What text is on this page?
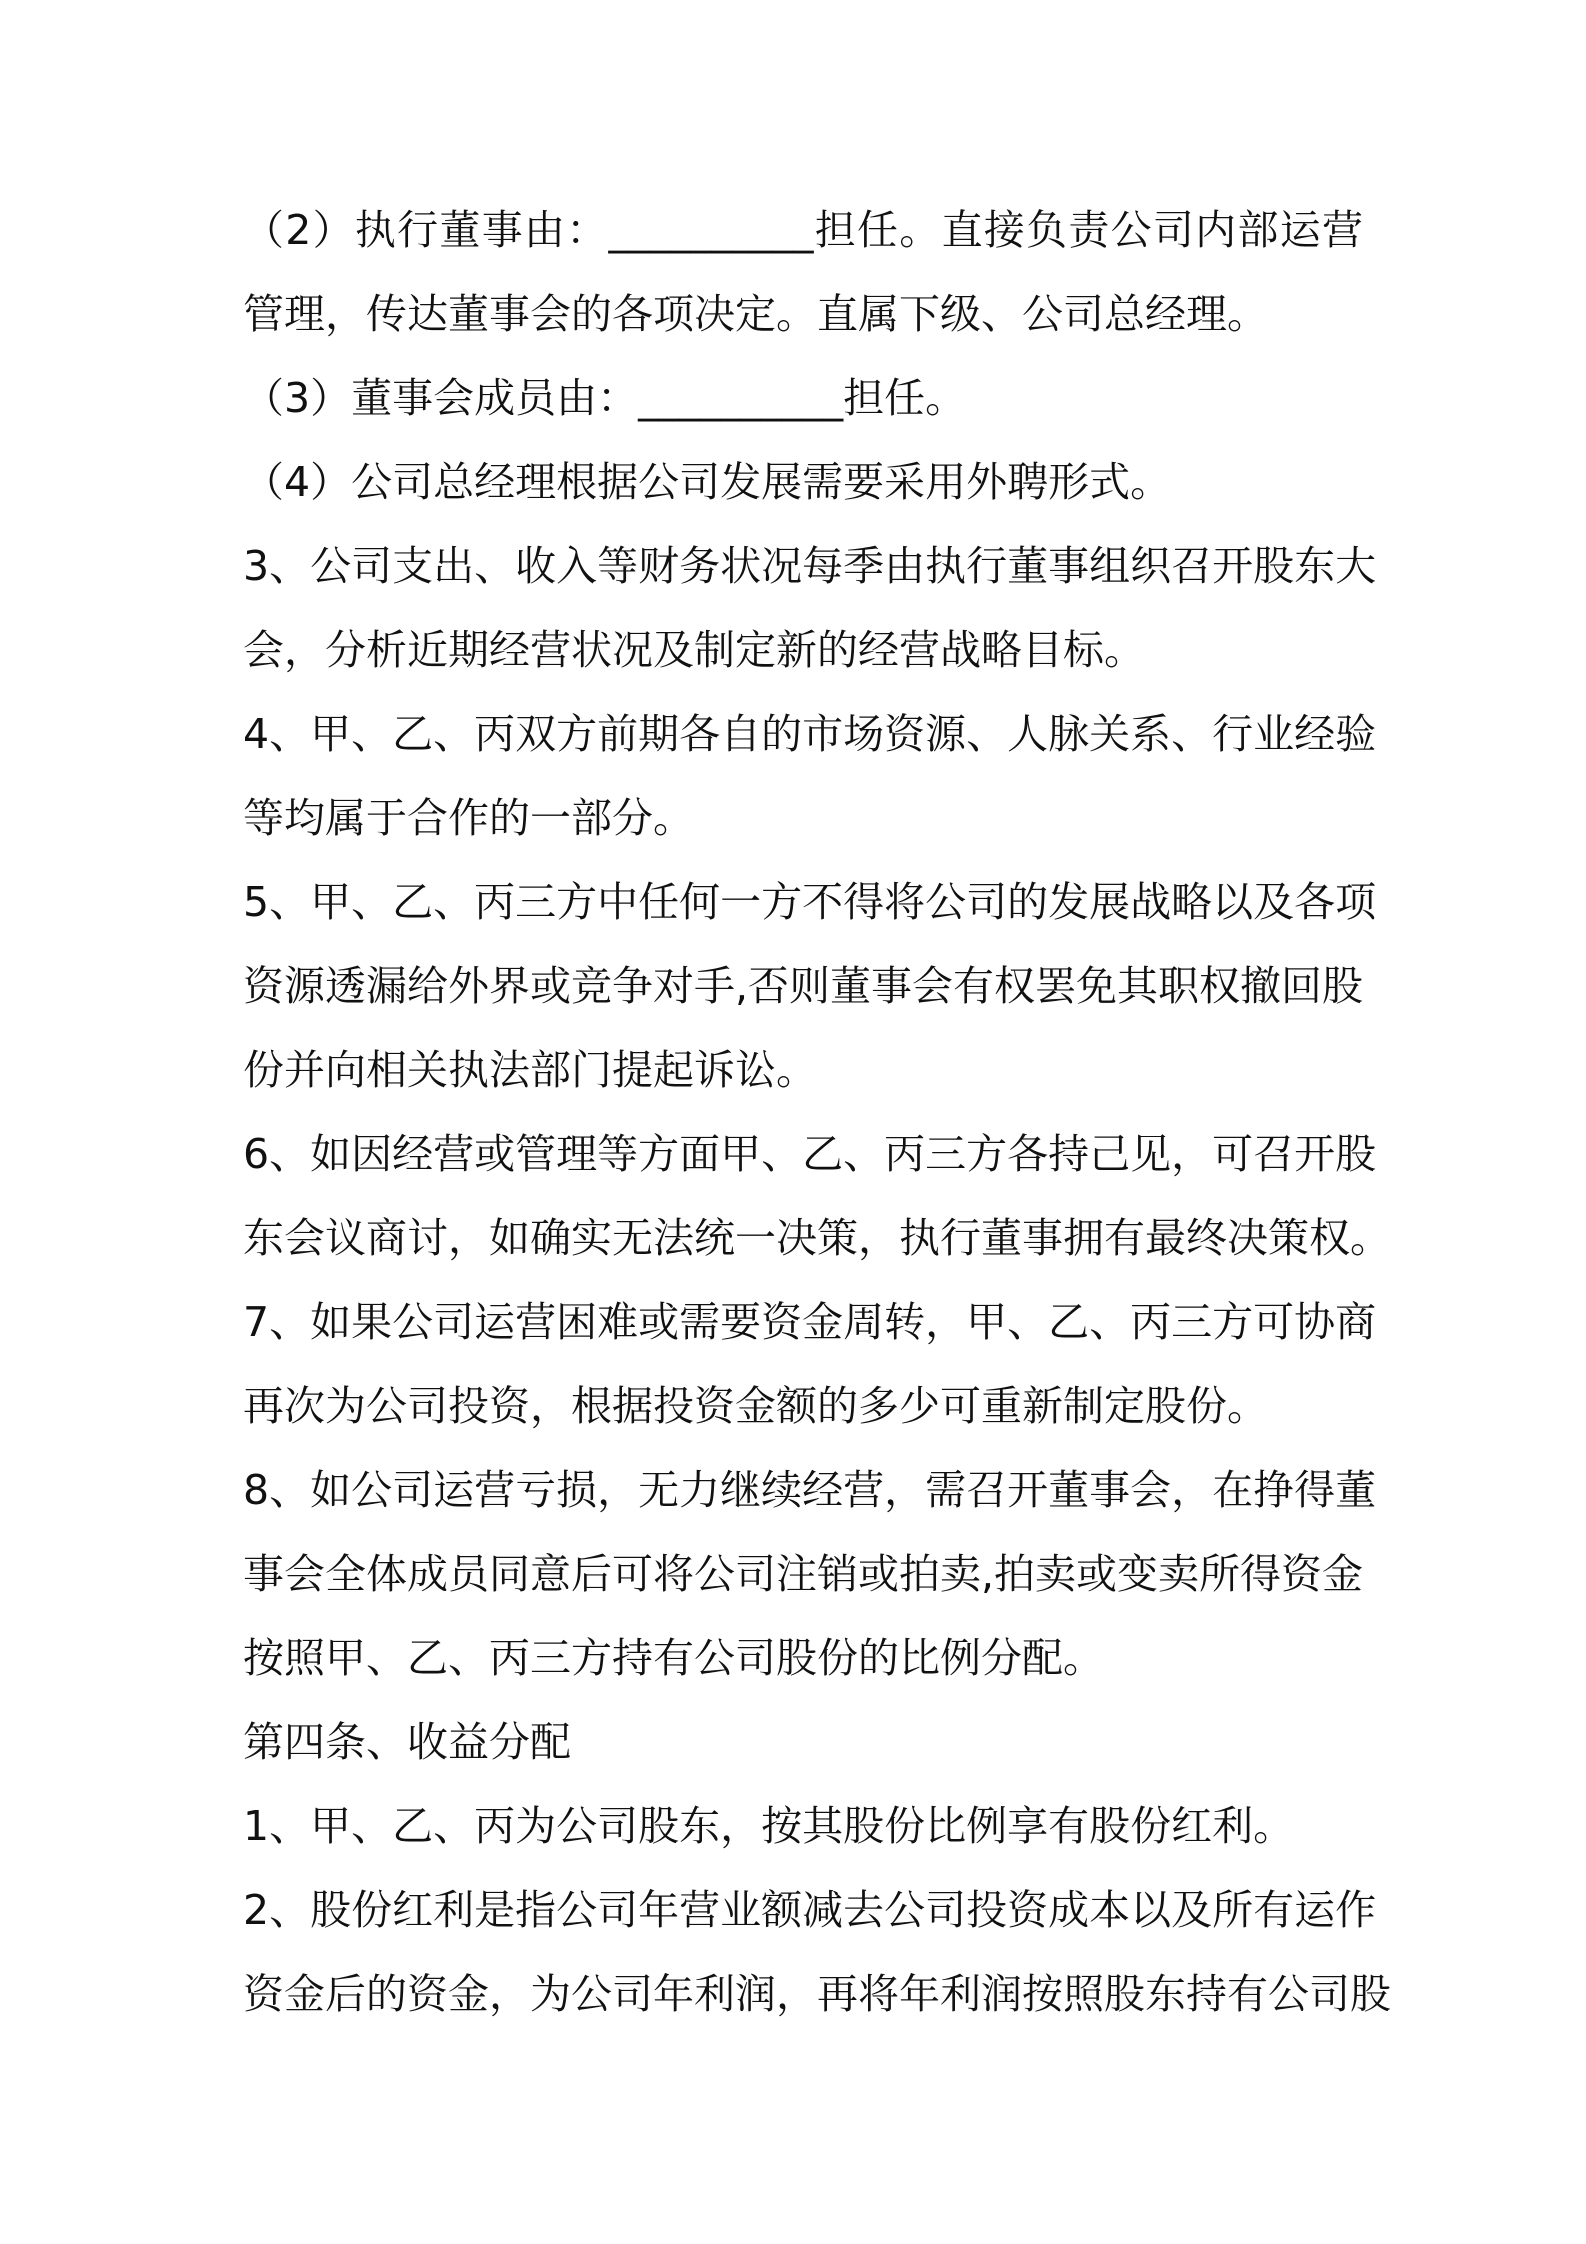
（2）执行董事由：__________担任。直接负责公司内部运营

管理，传达董事会的各项决定。直属下级、公司总经理。

（3）董事会成员由：__________担任。

（4）公司总经理根据公司发展需要采用外聘形式。

3、公司支出、收入等财务状况每季由执行董事组织召开股东大

会，分析近期经营状况及制定新的经营战略目标。

4、甲、乙、丙双方前期各自的市场资源、人脉关系、行业经验

等均属于合作的一部分。

5、甲、乙、丙三方中任何一方不得将公司的发展战略以及各项

资源透漏给外界或竞争对手,否则董事会有权罢免其职权撤回股

份并向相关执法部门提起诉讼。

6、如因经营或管理等方面甲、乙、丙三方各持己见，可召开股

东会议商讨，如确实无法统一决策，执行董事拥有最终决策权。

7、如果公司运营困难或需要资金周转，甲、乙、丙三方可协商

再次为公司投资，根据投资金额的多少可重新制定股份。

8、如公司运营亏损，无力继续经营，需召开董事会，在挣得董

事会全体成员同意后可将公司注销或拍卖,拍卖或变卖所得资金

按照甲、乙、丙三方持有公司股份的比例分配。

第四条、收益分配

1、甲、乙、丙为公司股东，按其股份比例享有股份红利。

2、股份红利是指公司年营业额减去公司投资成本以及所有运作

资金后的资金，为公司年利润，再将年利润按照股东持有公司股
